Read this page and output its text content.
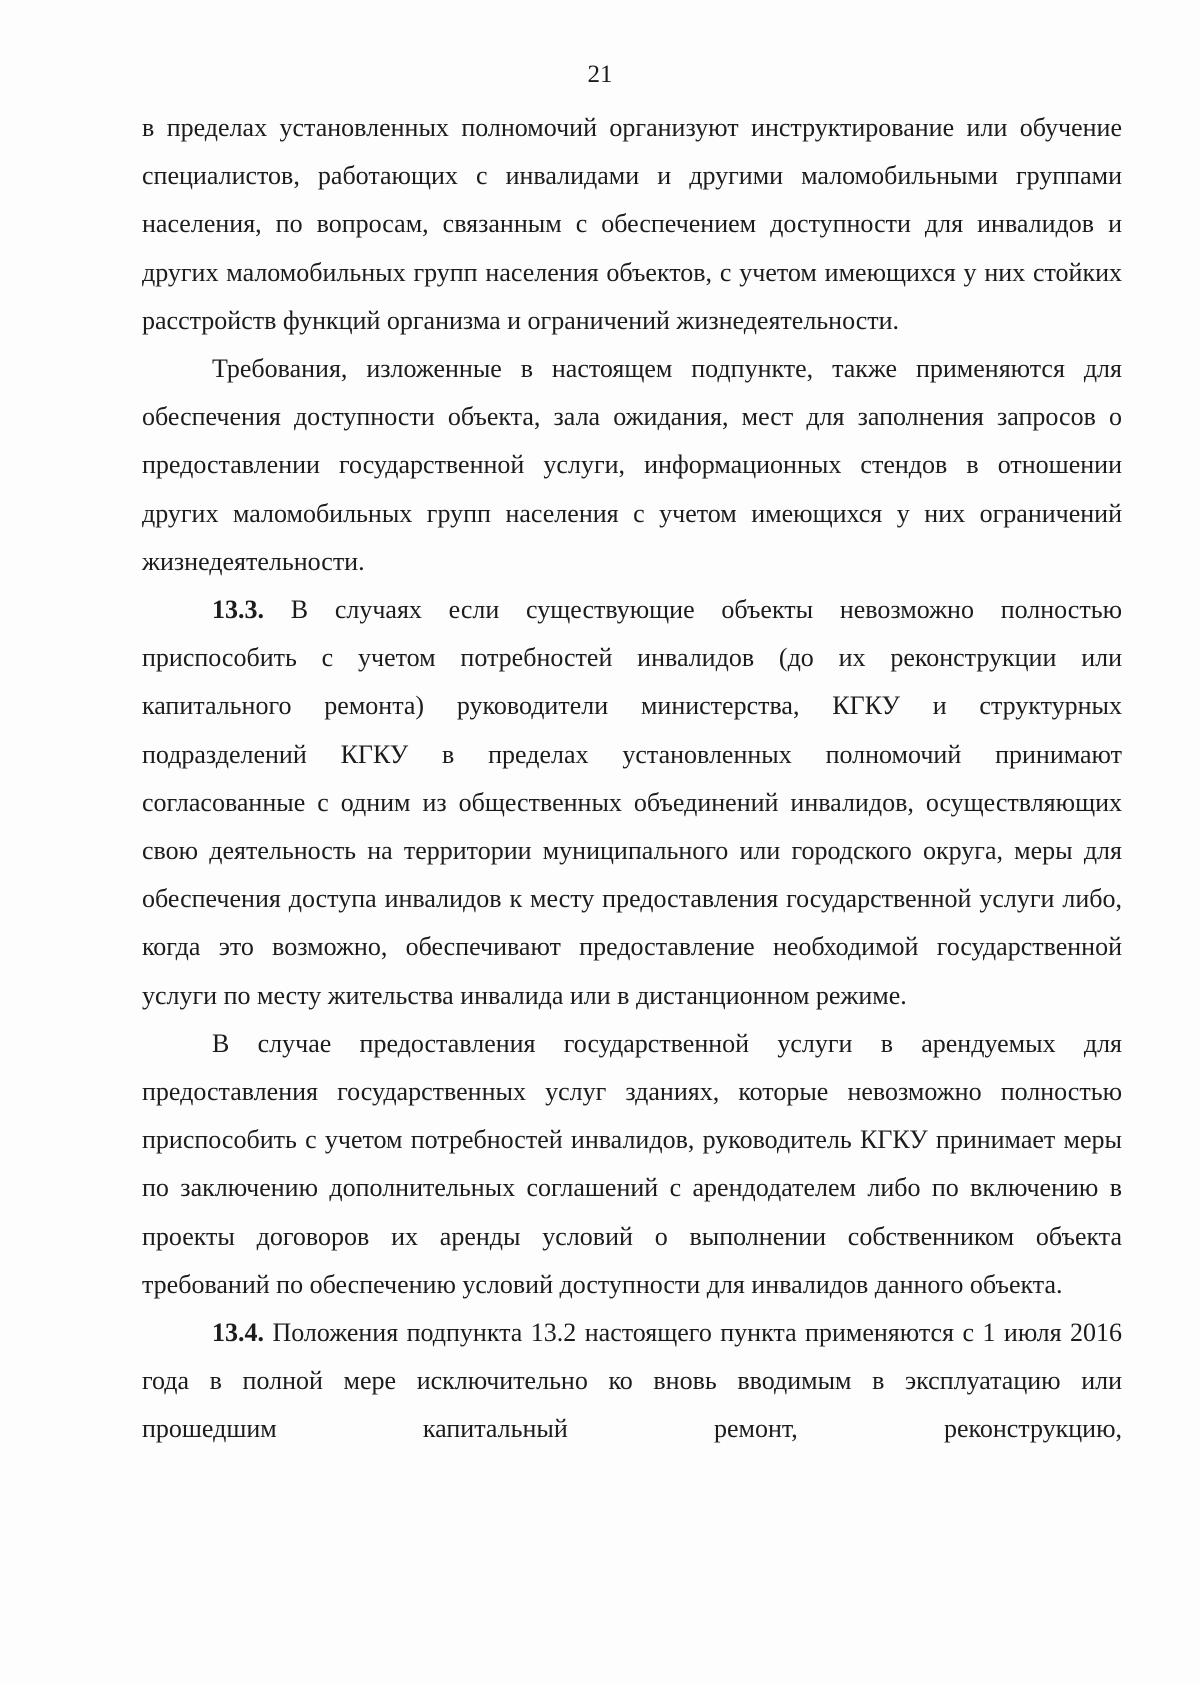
21

в пределах установленных полномочий организуют инструктирование или обучение специалистов, работающих с инвалидами и другими маломобильными группами населения, по вопросам, связанным с обеспечением доступности для инвалидов и других маломобильных групп населения объектов, с учетом имеющихся у них стойких расстройств функций организма и ограничений жизнедеятельности.

Требования, изложенные в настоящем подпункте, также применяются для обеспечения доступности объекта, зала ожидания, мест для заполнения запросов о предоставлении государственной услуги, информационных стендов в отношении других маломобильных групп населения с учетом имеющихся у них ограничений жизнедеятельности.

13.3. В случаях если существующие объекты невозможно полностью приспособить с учетом потребностей инвалидов (до их реконструкции или капитального ремонта) руководители министерства, КГКУ и структурных подразделений КГКУ в пределах установленных полномочий принимают согласованные с одним из общественных объединений инвалидов, осуществляющих свою деятельность на территории муниципального или городского округа, меры для обеспечения доступа инвалидов к месту предоставления государственной услуги либо, когда это возможно, обеспечивают предоставление необходимой государственной услуги по месту жительства инвалида или в дистанционном режиме.

В случае предоставления государственной услуги в арендуемых для предоставления государственных услуг зданиях, которые невозможно полностью приспособить с учетом потребностей инвалидов, руководитель КГКУ принимает меры по заключению дополнительных соглашений с арендодателем либо по включению в проекты договоров их аренды условий о выполнении собственником объекта требований по обеспечению условий доступности для инвалидов данного объекта.

13.4. Положения подпункта 13.2 настоящего пункта применяются с 1 июля 2016 года в полной мере исключительно ко вновь вводимым в эксплуатацию или прошедшим капитальный ремонт, реконструкцию,
